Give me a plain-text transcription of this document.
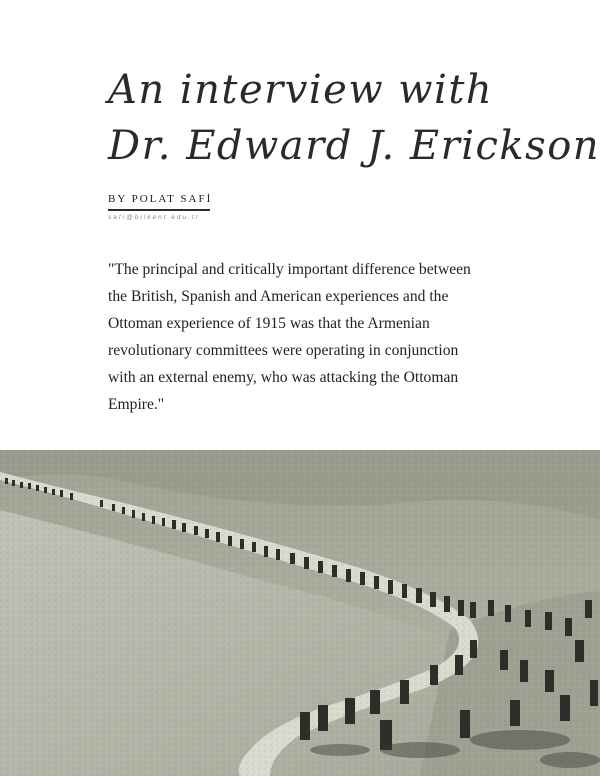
An interview with
Dr. Edward J. Erickson
BY POLAT SAFİ
safi@bilkent.edu.tr

"The principal and critically important difference between the British, Spanish and American experiences and the Ottoman experience of 1915 was that the Armenian revolutionary committees were operating in conjunction with an external enemy, who was attacking the Ottoman Empire."
